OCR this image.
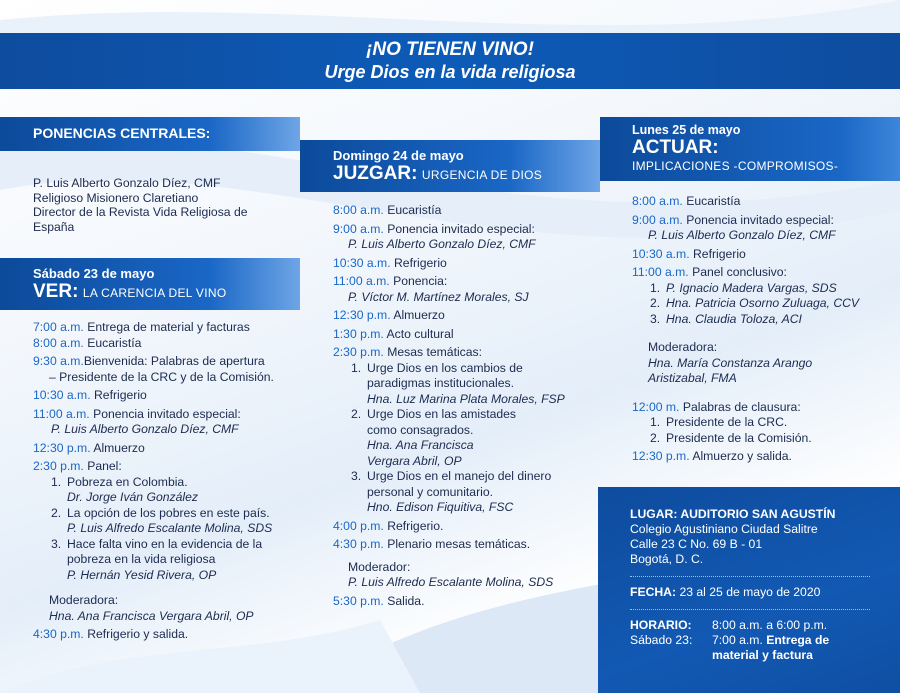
¡NO TIENEN VINO!
Urge Dios en la vida religiosa
PONENCIAS CENTRALES:
P. Luis Alberto Gonzalo Díez, CMF
Religioso Misionero Claretiano
Director de la Revista Vida Religiosa de
España
Sábado 23 de mayo
VER: LA CARENCIA DEL VINO
7:00 a.m. Entrega de material y facturas
8:00 a.m. Eucaristía
9:30 a.m.Bienvenida: Palabras de apertura
– Presidente de la CRC y de la Comisión.
10:30 a.m. Refrigerio
11:00 a.m. Ponencia invitado especial:
P. Luis Alberto Gonzalo Díez, CMF
12:30 p.m. Almuerzo
2:30 p.m. Panel:
1. Pobreza en Colombia.
Dr. Jorge Iván González
2. La opción de los pobres en este país.
P. Luis Alfredo Escalante Molina, SDS
3. Hace falta vino en la evidencia de la
pobreza en la vida religiosa
P. Hernán Yesid Rivera, OP
Moderadora:
Hna. Ana Francisca Vergara Abril, OP
4:30 p.m. Refrigerio y salida.
Domingo 24 de mayo
JUZGAR: URGENCIA DE DIOS
8:00 a.m. Eucaristía
9:00 a.m. Ponencia invitado especial:
P. Luis Alberto Gonzalo Díez, CMF
10:30 a.m. Refrigerio
11:00 a.m. Ponencia:
P. Víctor M. Martínez Morales, SJ
12:30 p.m. Almuerzo
1:30 p.m. Acto cultural
2:30 p.m. Mesas temáticas:
1. Urge Dios en los cambios de
paradigmas institucionales.
Hna. Luz Marina Plata Morales, FSP
2. Urge Dios en las amistades
como consagrados.
Hna. Ana Francisca
Vergara Abril, OP
3. Urge Dios en el manejo del dinero
personal y comunitario.
Hno. Edison Fiquitiva, FSC
4:00 p.m. Refrigerio.
4:30 p.m. Plenario mesas temáticas.
Moderador:
P. Luis Alfredo Escalante Molina, SDS
5:30 p.m. Salida.
Lunes 25 de mayo
ACTUAR:
IMPLICACIONES -COMPROMISOS-
8:00 a.m. Eucaristía
9:00 a.m. Ponencia invitado especial:
P. Luis Alberto Gonzalo Díez, CMF
10:30 a.m. Refrigerio
11:00 a.m. Panel conclusivo:
1. P. Ignacio Madera Vargas, SDS
2. Hna. Patricia Osorno Zuluaga, CCV
3. Hna. Claudia Toloza, ACI
Moderadora:
Hna. María Constanza Arango
Aristizabal, FMA
12:00 m. Palabras de clausura:
1. Presidente de la CRC.
2. Presidente de la Comisión.
12:30 p.m. Almuerzo y salida.
LUGAR: AUDITORIO SAN AGUSTÍN
Colegio Agustiniano Ciudad Salitre
Calle 23 C No. 69 B - 01
Bogotá, D. C.
FECHA: 23 al 25 de mayo de 2020
HORARIO:	8:00 a.m. a 6:00 p.m.
Sábado 23:	7:00 a.m. Entrega de
material y factura
